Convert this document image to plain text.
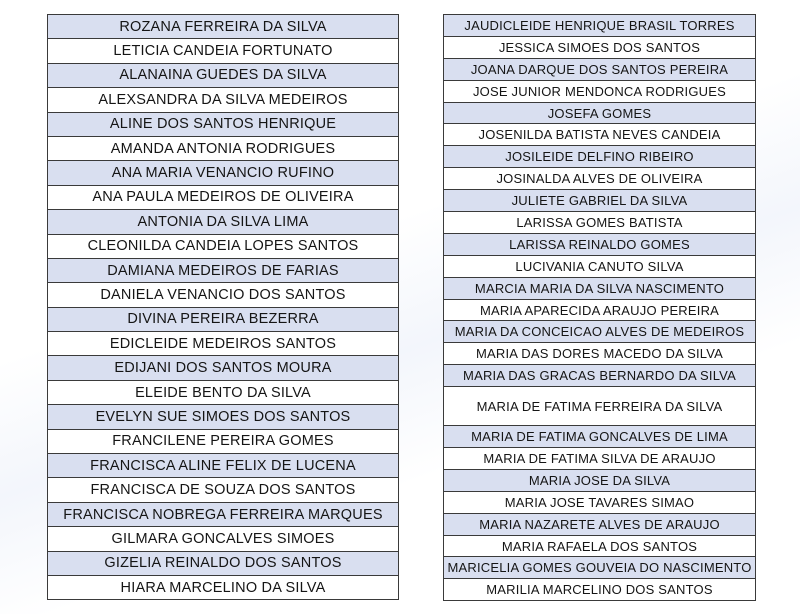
ROZANA FERREIRA DA SILVA
LETICIA CANDEIA FORTUNATO
ALANAINA GUEDES DA SILVA
ALEXSANDRA DA SILVA MEDEIROS
ALINE DOS SANTOS HENRIQUE
AMANDA ANTONIA RODRIGUES
ANA MARIA VENANCIO RUFINO
ANA PAULA MEDEIROS DE OLIVEIRA
ANTONIA DA SILVA LIMA
CLEONILDA CANDEIA LOPES SANTOS
DAMIANA MEDEIROS DE FARIAS
DANIELA VENANCIO DOS SANTOS
DIVINA PEREIRA BEZERRA
EDICLEIDE MEDEIROS SANTOS
EDIJANI DOS SANTOS MOURA
ELEIDE BENTO DA SILVA
EVELYN SUE SIMOES DOS SANTOS
FRANCILENE PEREIRA GOMES
FRANCISCA ALINE FELIX DE LUCENA
FRANCISCA DE SOUZA DOS SANTOS
FRANCISCA NOBREGA FERREIRA MARQUES
GILMARA GONCALVES SIMOES
GIZELIA REINALDO DOS SANTOS
HIARA MARCELINO DA SILVA
JAUDICLEIDE HENRIQUE BRASIL TORRES
JESSICA SIMOES DOS SANTOS
JOANA DARQUE DOS SANTOS PEREIRA
JOSE JUNIOR MENDONCA RODRIGUES
JOSEFA GOMES
JOSENILDA BATISTA NEVES CANDEIA
JOSILEIDE DELFINO RIBEIRO
JOSINALDA ALVES DE OLIVEIRA
JULIETE GABRIEL DA SILVA
LARISSA GOMES BATISTA
LARISSA REINALDO GOMES
LUCIVANIA CANUTO SILVA
MARCIA MARIA DA SILVA NASCIMENTO
MARIA APARECIDA ARAUJO PEREIRA
MARIA DA CONCEICAO ALVES DE MEDEIROS
MARIA DAS DORES MACEDO DA SILVA
MARIA DAS GRACAS BERNARDO DA SILVA
MARIA DE FATIMA FERREIRA DA SILVA
MARIA DE FATIMA GONCALVES DE LIMA
MARIA DE FATIMA SILVA DE ARAUJO
MARIA JOSE DA SILVA
MARIA JOSE TAVARES SIMAO
MARIA NAZARETE ALVES DE ARAUJO
MARIA RAFAELA DOS SANTOS
MARICELIA GOMES GOUVEIA DO NASCIMENTO
MARILIA MARCELINO DOS SANTOS
